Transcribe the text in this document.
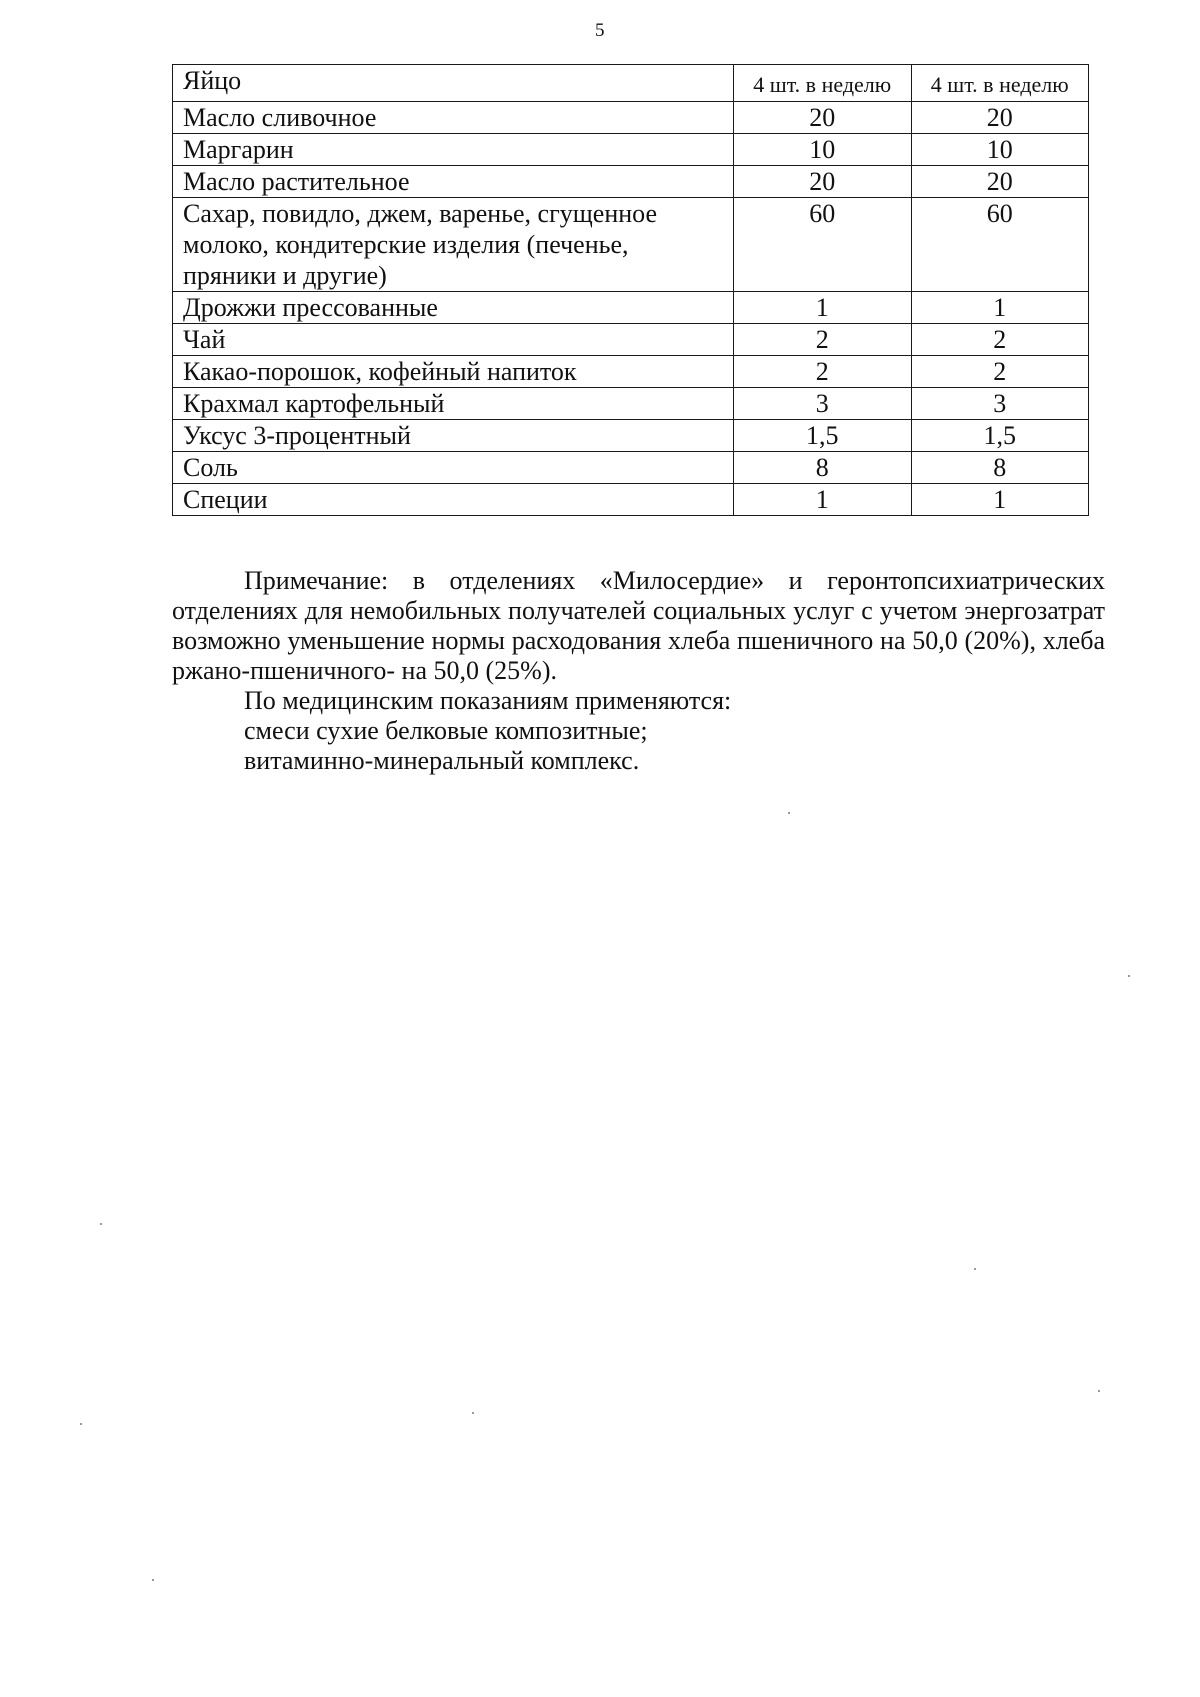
5
Яйцо	4 шт. в неделю	4 шт. в неделю
Масло сливочное	20	20
Маргарин	10	10
Масло растительное	20	20
Сахар, повидло, джем, варенье, сгущенное молоко, кондитерские изделия (печенье, пряники и другие)	60	60
Дрожжи прессованные	1	1
Чай	2	2
Какао-порошок, кофейный напиток	2	2
Крахмал картофельный	3	3
Уксус 3-процентный	1,5	1,5
Соль	8	8
Специи	1	1

Примечание: в отделениях «Милосердие» и геронтопсихиатрических отделениях для немобильных получателей социальных услуг с учетом энергозатрат возможно уменьшение нормы расходования хлеба пшеничного на 50,0 (20%), хлеба ржано-пшеничного- на 50,0 (25%).

По медицинским показаниям применяются:

смеси сухие белковые композитные;

витаминно-минеральный комплекс.
